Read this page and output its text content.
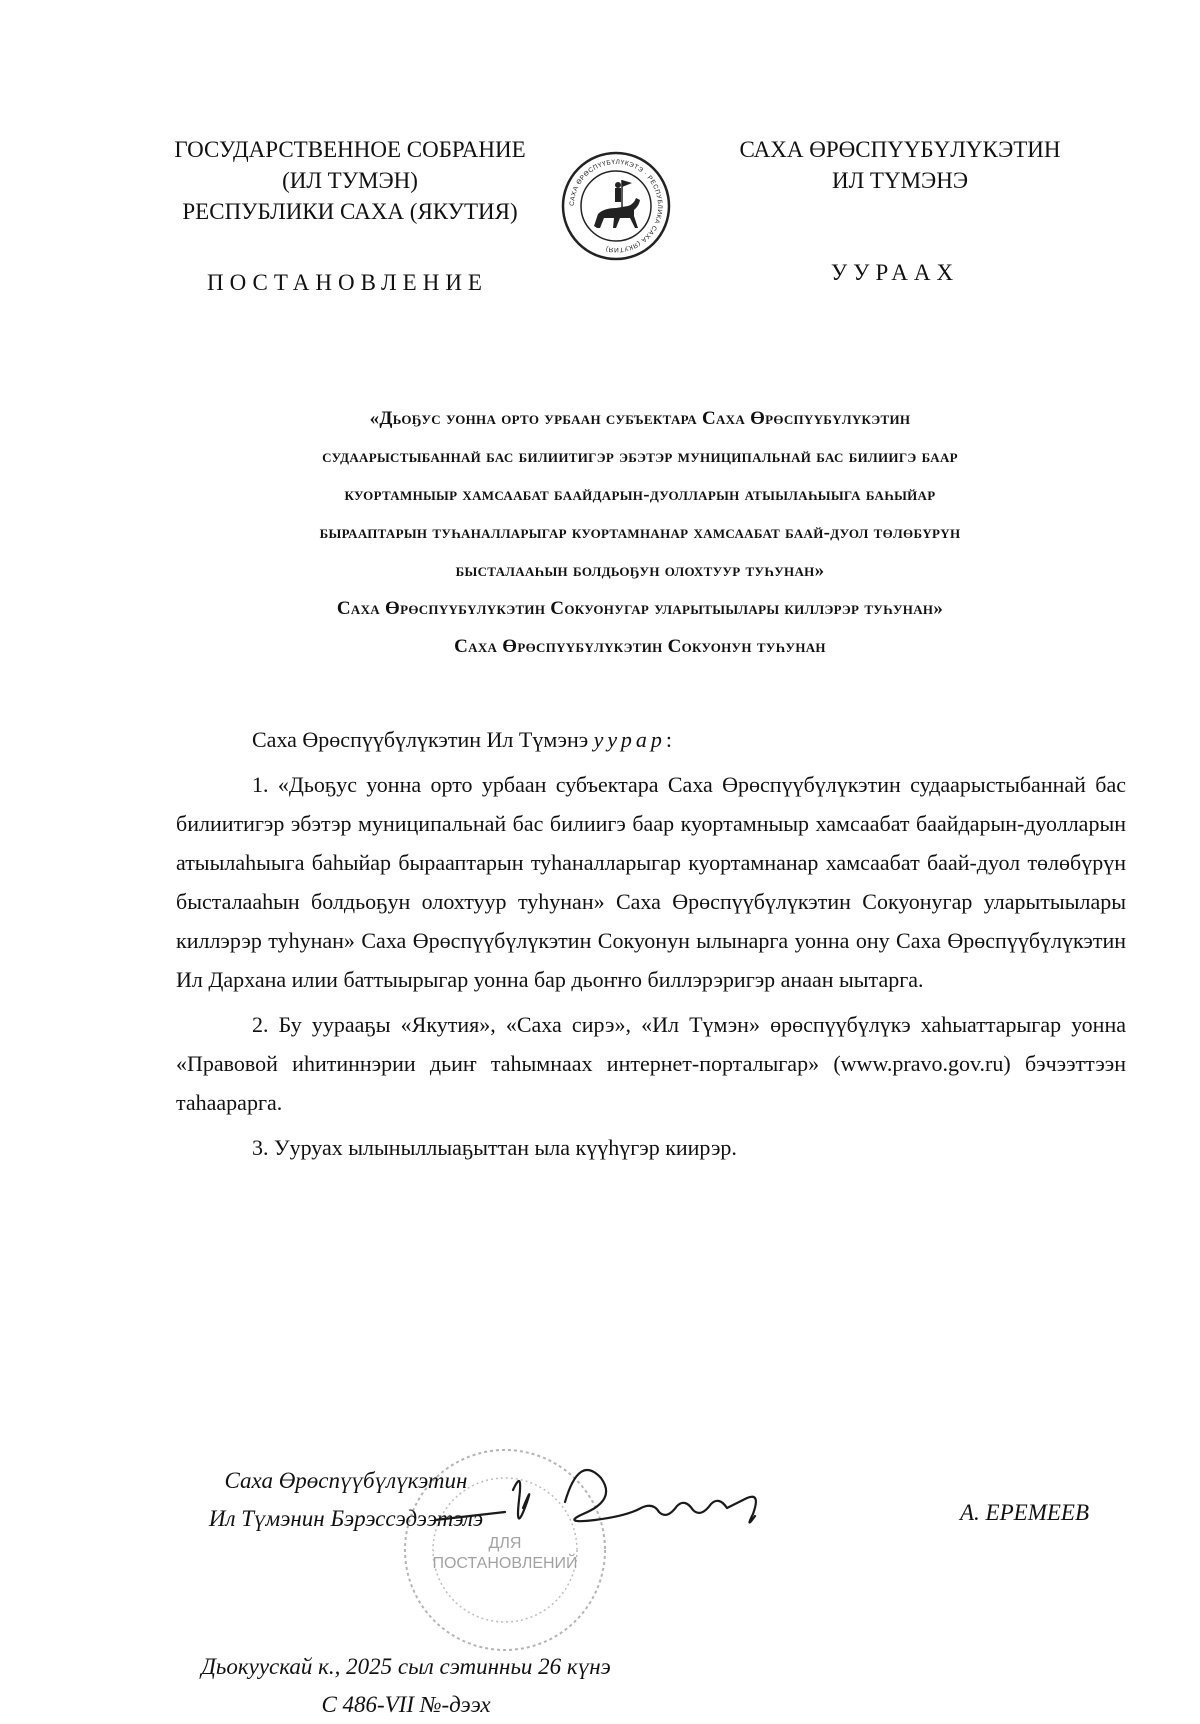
ГОСУДАРСТВЕННОЕ СОБРАНИЕ
(ИЛ ТУМЭН)
РЕСПУБЛИКИ САХА (ЯКУТИЯ)	САХА ӨРӨСПҮҮБҮЛҮКЭТЭ · РЕСПУБЛИКА САХА (ЯКУТИЯ)
САХА ӨРӨСПҮҮБҮЛҮКЭТИН
ИЛ ТҮМЭНЭ
ПОСТАНОВЛЕНИЕ	УУРААХ
«Дьоҕус уонна орто урбаан субъектара Саха Өрөспүүбүлүкэтин
судаарыстыбаннай бас билиитигэр эбэтэр муниципальнай бас билиигэ баар
куортамныыр хамсаабат баайдарын-дуолларын атыылаһыыга баһыйар
бырааптарын туһаналларыгар куортамнанар хамсаабат баай-дуол төлөбүрүн
бысталааһын болдьоҕун олохтуур туһунан»
Саха Өрөспүүбүлүкэтин Сокуонугар уларытыылары киллэрэр туһунан»
Саха Өрөспүүбүлүкэтин Сокуонун туһунан

Саха Өрөспүүбүлүкэтин Ил Түмэнэ уурар:

1. «Дьоҕус уонна орто урбаан субъектара Саха Өрөспүүбүлүкэтин судаарыстыбаннай бас билиитигэр эбэтэр муниципальнай бас билиигэ баар куортамныыр хамсаабат баайдарын-дуолларын атыылаһыыга баһыйар бырааптарын туһаналларыгар куортамнанар хамсаабат баай-дуол төлөбүрүн бысталааһын болдьоҕун олохтуур туһунан» Саха Өрөспүүбүлүкэтин Сокуонугар уларытыылары киллэрэр туһунан» Саха Өрөспүүбүлүкэтин Сокуонун ылынарга уонна ону Саха Өрөспүүбүлүкэтин Ил Дархана илии баттыырыгар уонна бар дьоҥҥо биллэрэригэр анаан ыытарга.

2. Бу уурааҕы «Якутия», «Саха сирэ», «Ил Түмэн» өрөспүүбүлүкэ хаһыаттарыгар уонна «Правовой иһитиннэрии дьиҥ таһымнаах интернет-порталыгар» (www.pravo.gov.ru) бэчээттээн таһаарарга.

3. Ууруах ылыныллыаҕыттан ыла күүһүгэр киирэр.

Саха Өрөспүүбүлүкэтин
Ил Түмэнин Бэрэссэдээтэлэ
ДЛЯ
ПОСТАНОВЛЕНИЙ
А. ЕРЕМЕЕВ
Дьокуускай к., 2025 сыл сэтинньи 26 күнэ
С 486-VII №-дээх
